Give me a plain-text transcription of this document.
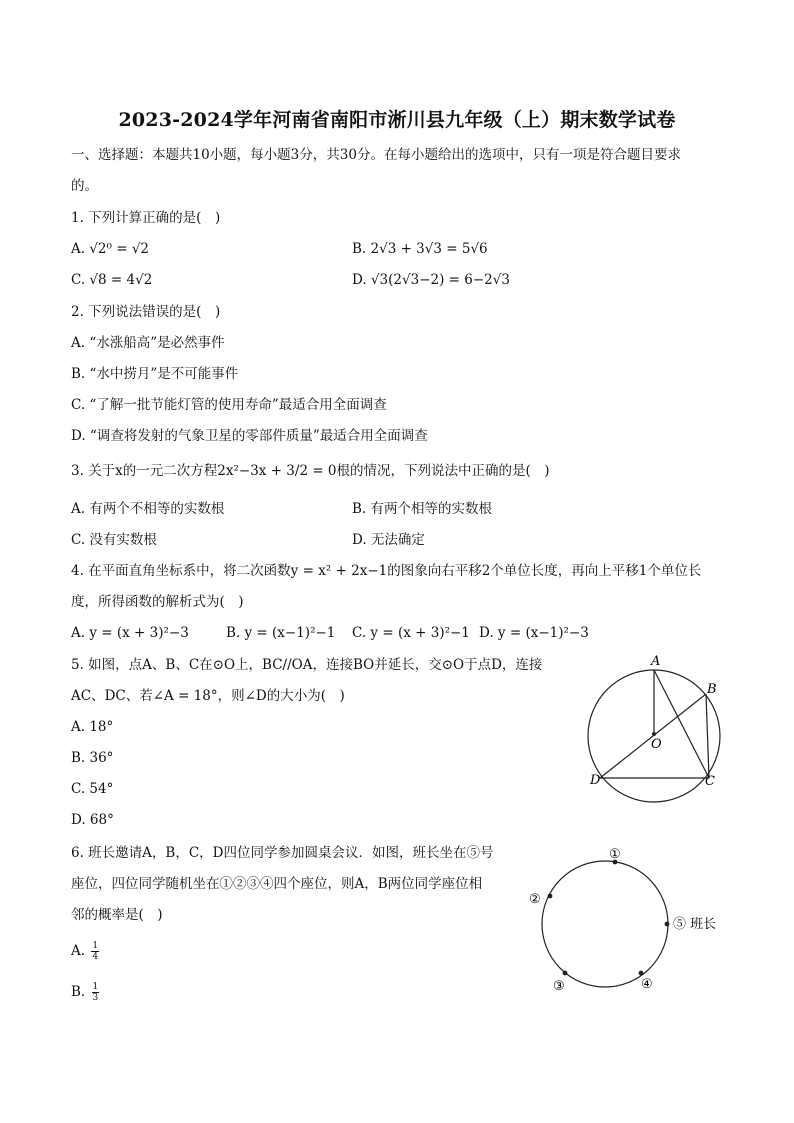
2023-2024学年河南省南阳市淅川县九年级（上）期末数学试卷
一、选择题：本题共10小题，每小题3分，共30分。在每小题给出的选项中，只有一项是符合题目要求
的。
1. 下列计算正确的是(　)
A. √2⁰ = √2	B. 2√3 + 3√3 = 5√6
C. √8 = 4√2	D. √3(2√3−2) = 6−2√3
2. 下列说法错误的是(　)
A. “水涨船高”是必然事件
B. “水中捞月”是不可能事件
C. “了解一批节能灯管的使用寿命”最适合用全面调查
D. “调查将发射的气象卫星的零部件质量”最适合用全面调查
3. 关于x的一元二次方程2x²−3x + 3/2 = 0根的情况，下列说法中正确的是(　)
A. 有两个不相等的实数根	B. 有两个相等的实数根
C. 没有实数根	D. 无法确定
4. 在平面直角坐标系中，将二次函数y = x² + 2x−1的图象向右平移2个单位长度，再向上平移1个单位长
度，所得函数的解析式为(　)
A. y = (x + 3)²−3	B. y = (x−1)²−1 C. y = (x + 3)²−1 D. y = (x−1)²−3
5. 如图，点A、B、C在⊙O上，BC//OA，连接BO并延长，交⊙O于点D，连接
AC、DC、若∠A = 18°，则∠D的大小为(　)
A. 18°
B. 36°
C. 54°
D. 68°
A
B
O
D	C
6. 班长邀请A，B，C，D四位同学参加圆桌会议．如图，班长坐在⑤号
座位，四位同学随机坐在①②③④四个座位，则A，B两位同学座位相
邻的概率是(　)
A. $\frac{1}{4}$
B. $\frac{1}{3}$
①
②
③	④
⑤ 班长
